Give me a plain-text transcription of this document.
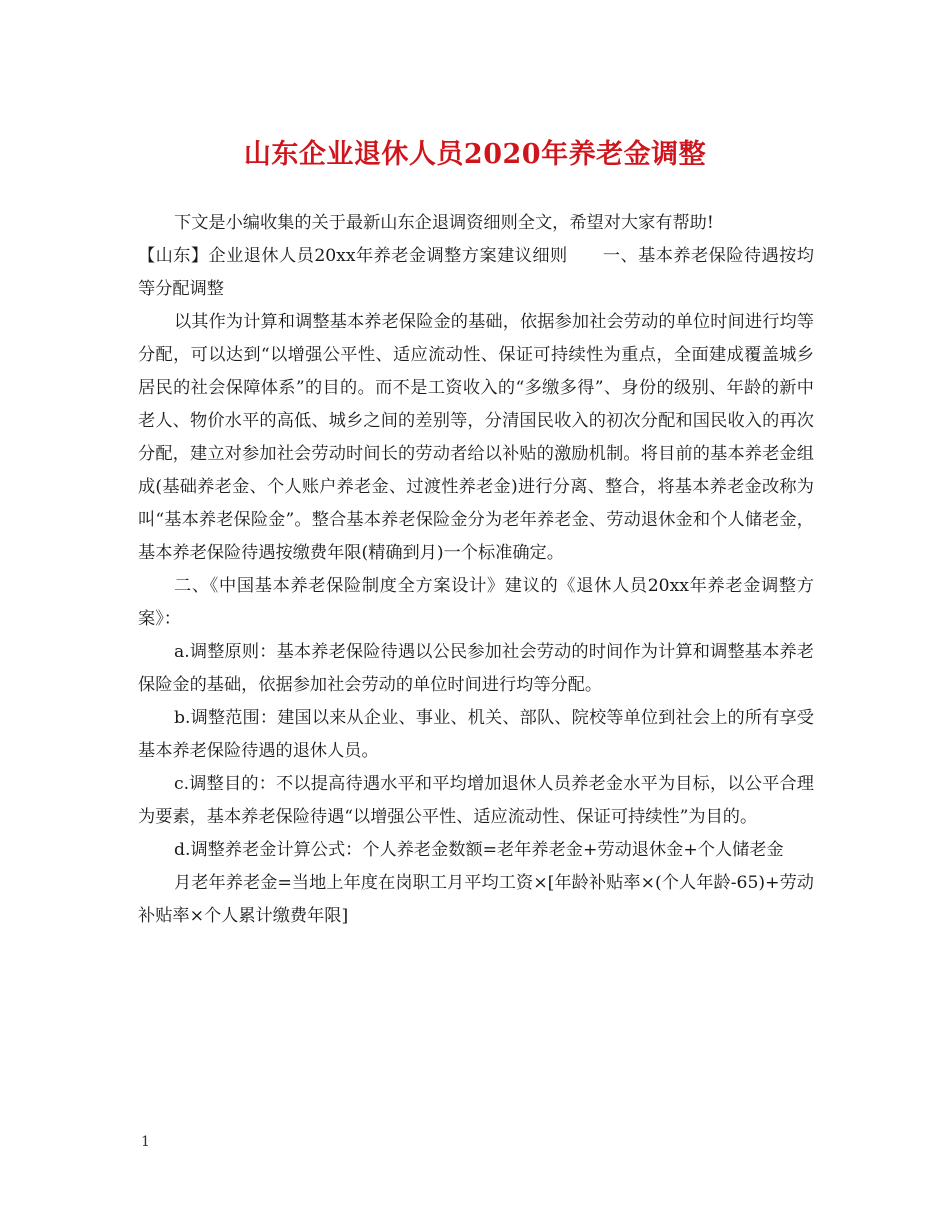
山东企业退休人员2020年养老金调整

下文是小编收集的关于最新山东企退调资细则全文，希望对大家有帮助!

【山东】企业退休人员20xx年养老金调整方案建议细则　　一、基本养老保险待遇按均等分配调整

以其作为计算和调整基本养老保险金的基础，依据参加社会劳动的单位时间进行均等分配，可以达到“以增强公平性、适应流动性、保证可持续性为重点，全面建成覆盖城乡居民的社会保障体系”的目的。而不是工资收入的“多缴多得”、身份的级别、年龄的新中老人、物价水平的高低、城乡之间的差别等，分清国民收入的初次分配和国民收入的再次分配，建立对参加社会劳动时间长的劳动者给以补贴的激励机制。将目前的基本养老金组成(基础养老金、个人账户养老金、过渡性养老金)进行分离、整合，将基本养老金改称为叫“基本养老保险金”。整合基本养老保险金分为老年养老金、劳动退休金和个人储老金，基本养老保险待遇按缴费年限(精确到月)一个标准确定。

二、《中国基本养老保险制度全方案设计》建议的《退休人员20xx年养老金调整方案》：

a.调整原则：基本养老保险待遇以公民参加社会劳动的时间作为计算和调整基本养老保险金的基础，依据参加社会劳动的单位时间进行均等分配。

b.调整范围：建国以来从企业、事业、机关、部队、院校等单位到社会上的所有享受基本养老保险待遇的退休人员。

c.调整目的：不以提高待遇水平和平均增加退休人员养老金水平为目标，以公平合理为要素，基本养老保险待遇“以增强公平性、适应流动性、保证可持续性”为目的。

d.调整养老金计算公式：个人养老金数额=老年养老金+劳动退休金+个人储老金

月老年养老金=当地上年度在岗职工月平均工资×[年龄补贴率×(个人年龄-65)+劳动补贴率×个人累计缴费年限]

1
